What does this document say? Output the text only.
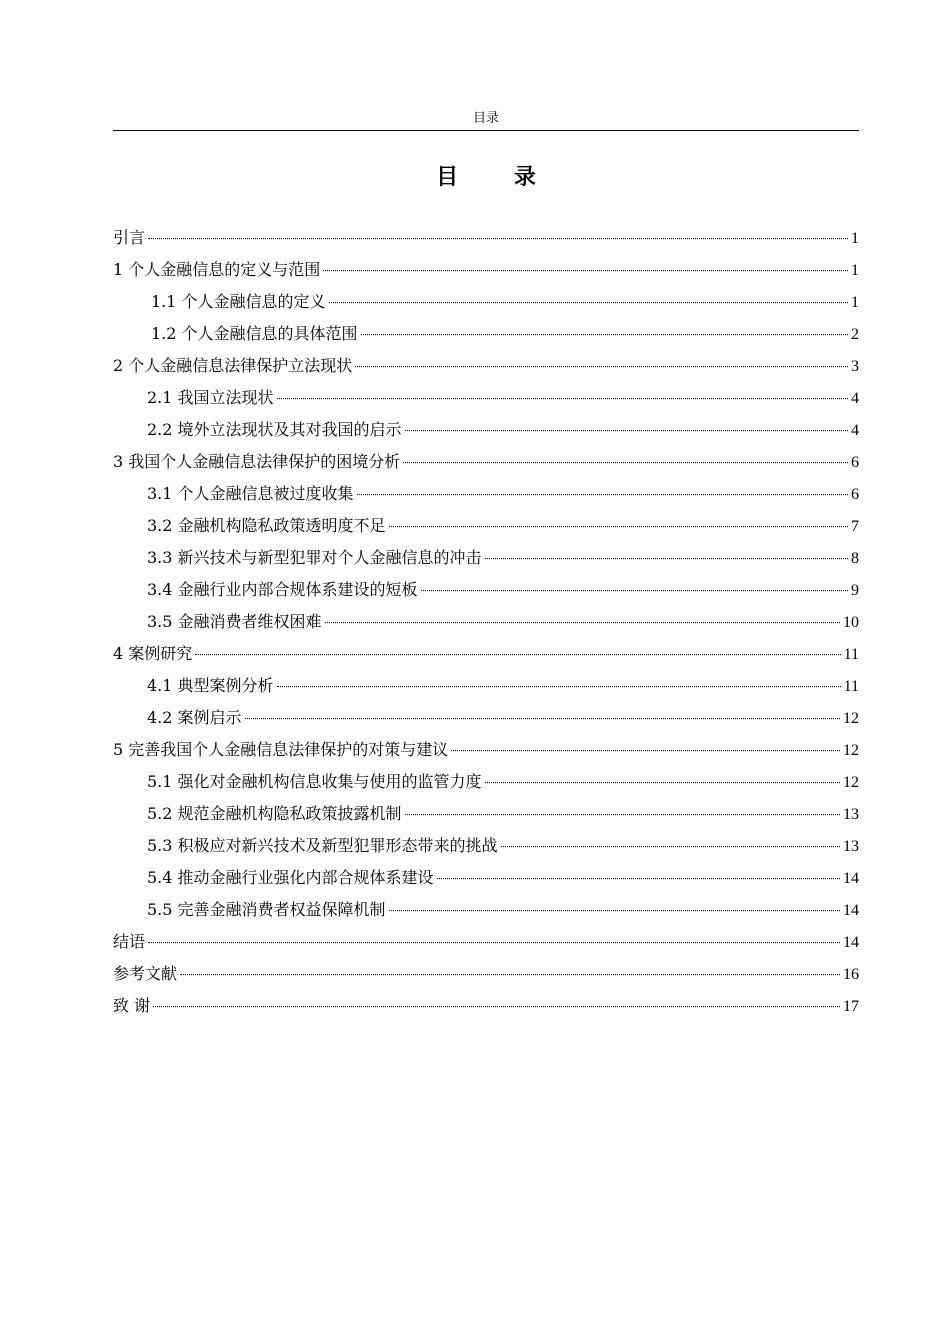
目录
目 录
引言	1
1 个人金融信息的定义与范围	1
1.1 个人金融信息的定义	1
1.2 个人金融信息的具体范围	2
2 个人金融信息法律保护立法现状	3
2.1 我国立法现状	4
2.2 境外立法现状及其对我国的启示	4
3 我国个人金融信息法律保护的困境分析	6
3.1 个人金融信息被过度收集	6
3.2 金融机构隐私政策透明度不足	7
3.3 新兴技术与新型犯罪对个人金融信息的冲击	8
3.4 金融行业内部合规体系建设的短板	9
3.5 金融消费者维权困难	10
4 案例研究	11
4.1 典型案例分析	11
4.2 案例启示	12
5 完善我国个人金融信息法律保护的对策与建议	12
5.1 强化对金融机构信息收集与使用的监管力度	12
5.2 规范金融机构隐私政策披露机制	13
5.3 积极应对新兴技术及新型犯罪形态带来的挑战	13
5.4 推动金融行业强化内部合规体系建设	14
5.5 完善金融消费者权益保障机制	14
结语	14
参考文献	16
致 谢	17
